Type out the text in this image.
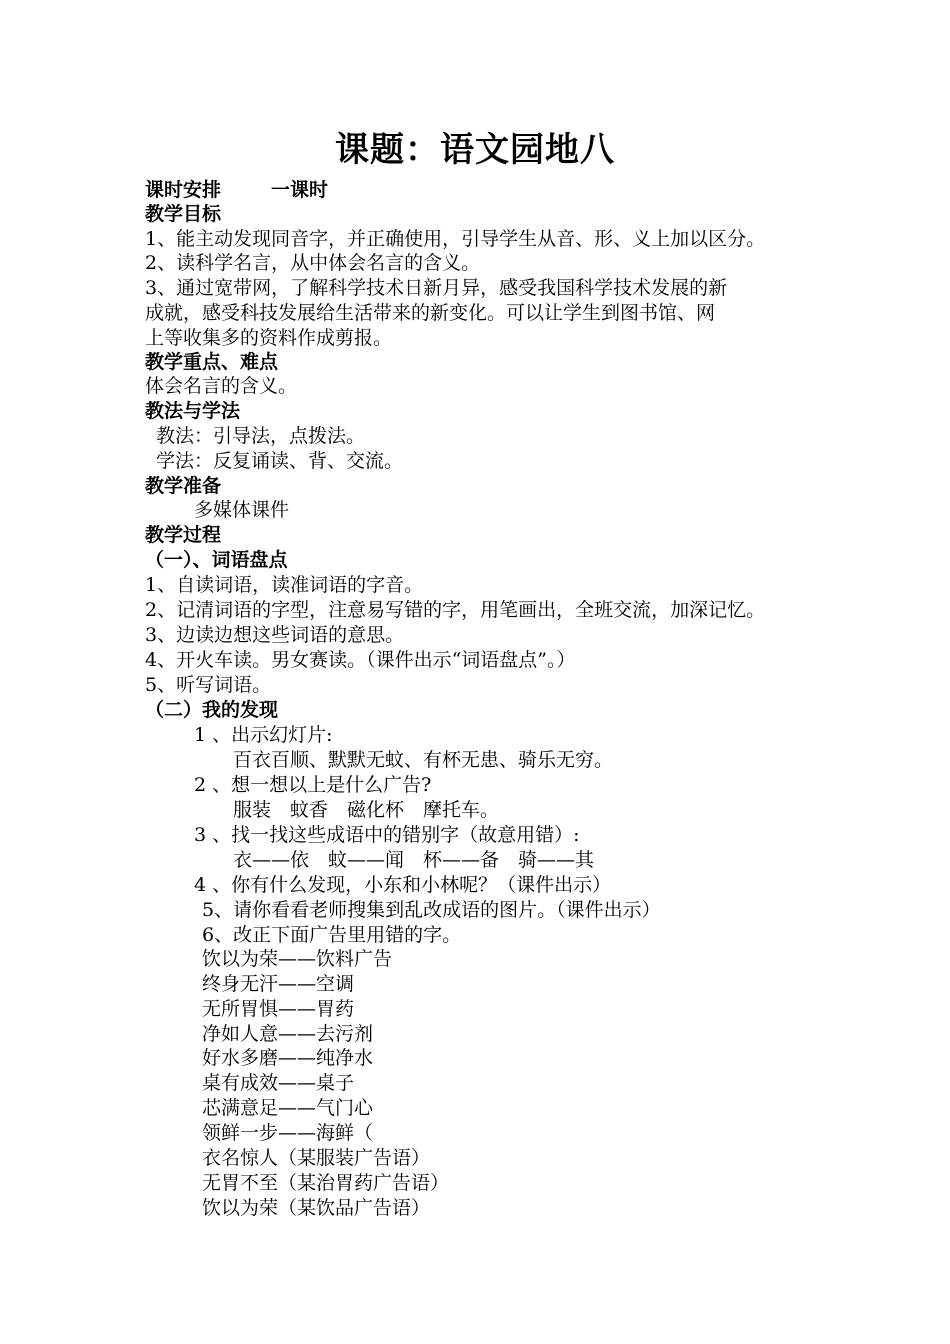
课题：语文园地八
课时安排	一课时
教学目标
1、能主动发现同音字，并正确使用，引导学生从音、形、义上加以区分。
2、读科学名言，从中体会名言的含义。
3、通过宽带网，了解科学技术日新月异，感受我国科学技术发展的新
成就，感受科技发展给生活带来的新变化。可以让学生到图书馆、网
上等收集多的资料作成剪报。
教学重点、难点
体会名言的含义。
教法与学法
教法：引导法，点拨法。
学法：反复诵读、背、交流。
教学准备
多媒体课件
教学过程
（一）、词语盘点
1、自读词语，读准词语的字音。
2、记清词语的字型，注意易写错的字，用笔画出，全班交流，加深记忆。
3、边读边想这些词语的意思。
4、开火车读。男女赛读。（课件出示“词语盘点”。）
5、听写词语。
（二）我的发现
1 、出示幻灯片:
百衣百顺、默默无蚊、有杯无患、骑乐无穷。
2 、想一想以上是什么广告?
服装　蚊香　磁化杯　摩托车。
3 、找一找这些成语中的错别字（故意用错）:
衣——依　蚊——闻　杯——备　骑——其
4 、你有什么发现，小东和小林呢？（课件出示）
5、请你看看老师搜集到乱改成语的图片。（课件出示）
6、改正下面广告里用错的字。
饮以为荣——饮料广告
终身无汗——空调
无所胃惧——胃药
净如人意——去污剂
好水多磨——纯净水
桌有成效——桌子
芯满意足——气门心
领鲜一步——海鲜（
衣名惊人（某服装广告语）
无胃不至（某治胃药广告语）
饮以为荣（某饮品广告语）
